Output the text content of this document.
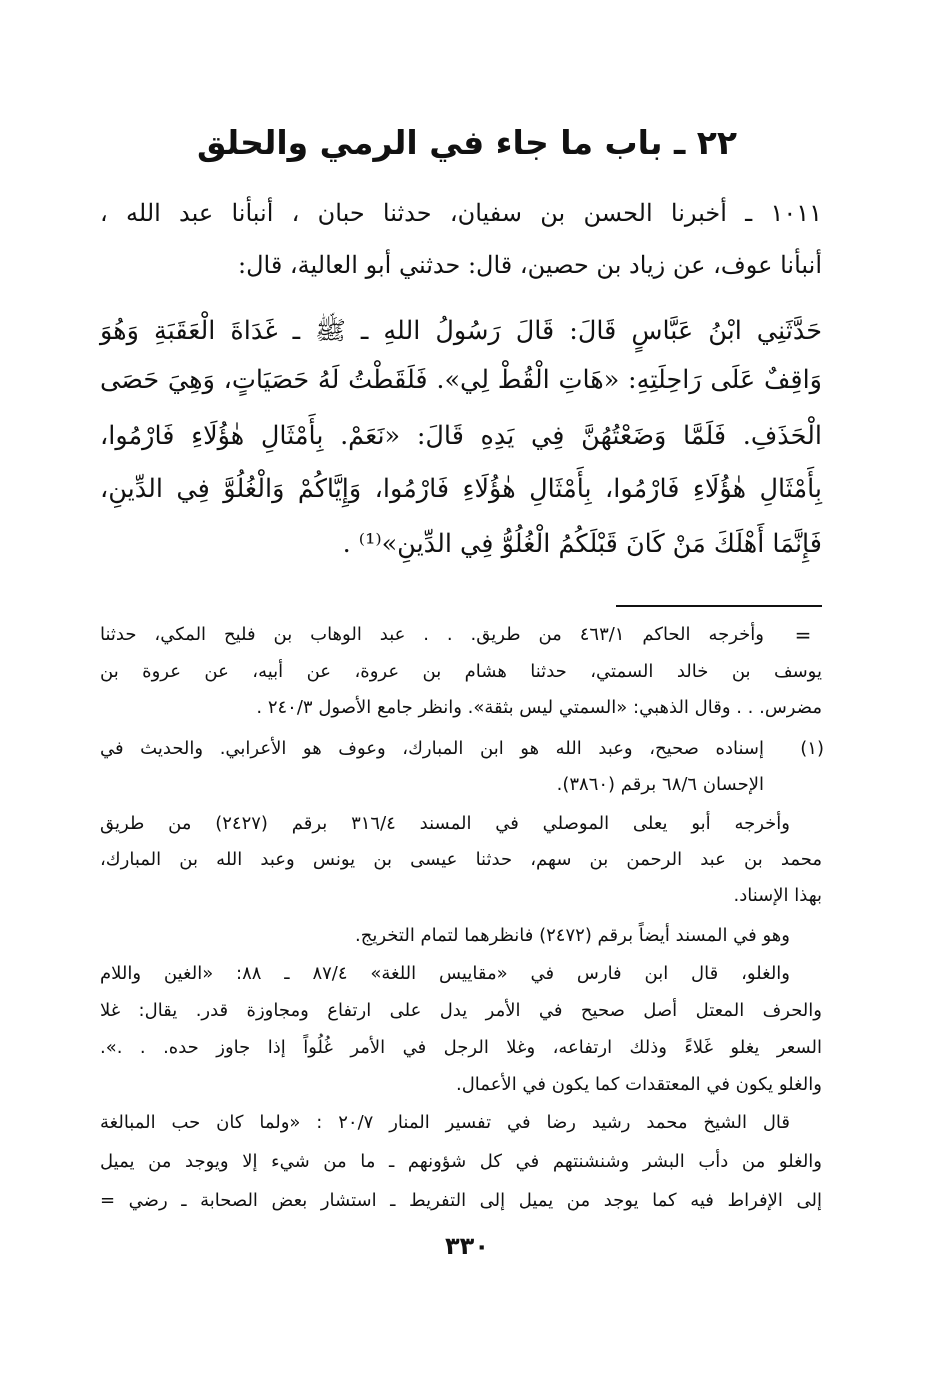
٢٢ ـ باب ما جاء في الرمي والحلق
١٠١١ ـ أخبرنا الحسن بن سفيان، حدثنا حبان ، أنبأنا عبد الله ،
أنبأنا عوف، عن زياد بن حصين، قال: حدثني أبو العالية، قال:
حَدَّثَنِي ابْنُ عَبَّاسٍ قَالَ: قَالَ رَسُولُ اللهِ ـ ﷺ ـ غَدَاةَ الْعَقَبَةِ وَهُوَ
وَاقِفٌ عَلَى رَاحِلَتِهِ: «هَاتِ الْقُطْ لِي». فَلَقَطْتُ لَهُ حَصَيَاتٍ، وَهِيَ حَصَى
الْحَذَفِ. فَلَمَّا وَضَعْتُهُنَّ فِي يَدِهِ قَالَ: «نَعَمْ. بِأَمْثَالِ هٰؤُلَاءِ فَارْمُوا،
بِأَمْثَالِ هٰؤُلَاءِ فَارْمُوا، بِأَمْثَالِ هٰؤُلَاءِ فَارْمُوا، وَإِيَّاكُمْ وَالْغُلُوَّ فِي الدِّينِ،
فَإِنَّمَا أَهْلَكَ مَنْ كَانَ قَبْلَكُمُ الْغُلُوُّ فِي الدِّينِ»⁽¹⁾ .
=
وأخرجه الحاكم ٤٦٣/١ من طريق. . . عبد الوهاب بن فليح المكي، حدثنا
يوسف بن خالد السمتي، حدثنا هشام بن عروة، عن أبيه، عن عروة بن
مضرس. . . وقال الذهبي: «السمتي ليس بثقة». وانظر جامع الأصول ٢٤٠/٣ .
(١)
إسناده صحيح، وعبد الله هو ابن المبارك، وعوف هو الأعرابي. والحديث في
الإحسان ٦٨/٦ برقم (٣٨٦٠).
وأخرجه أبو يعلى الموصلي في المسند ٣١٦/٤ برقم (٢٤٢٧) من طريق
محمد بن عبد الرحمن بن سهم، حدثنا عيسى بن يونس وعبد الله بن المبارك،
بهذا الإسناد.
وهو في المسند أيضاً برقم (٢٤٧٢) فانظرهما لتمام التخريج.
والغلو، قال ابن فارس في «مقاييس اللغة» ٨٧/٤ ـ ٨٨: «الغين واللام
والحرف المعتل أصل صحيح في الأمر يدل على ارتفاع ومجاوزة قدر. يقال: غلا
السعر يغلو غَلاءً وذلك ارتفاعه، وغلا الرجل في الأمر غُلُواً إذا جاوز حده. . .».
والغلو يكون في المعتقدات كما يكون في الأعمال.
قال الشيخ محمد رشيد رضا في تفسير المنار ٢٠/٧ : «ولما كان حب المبالغة
والغلو من دأب البشر وشنشنتهم في كل شؤونهم ـ ما من شيء إلا ويوجد من يميل
إلى الإفراط فيه كما يوجد من يميل إلى التفريط ـ استشار بعض الصحابة ـ رضي =
٣٣٠
